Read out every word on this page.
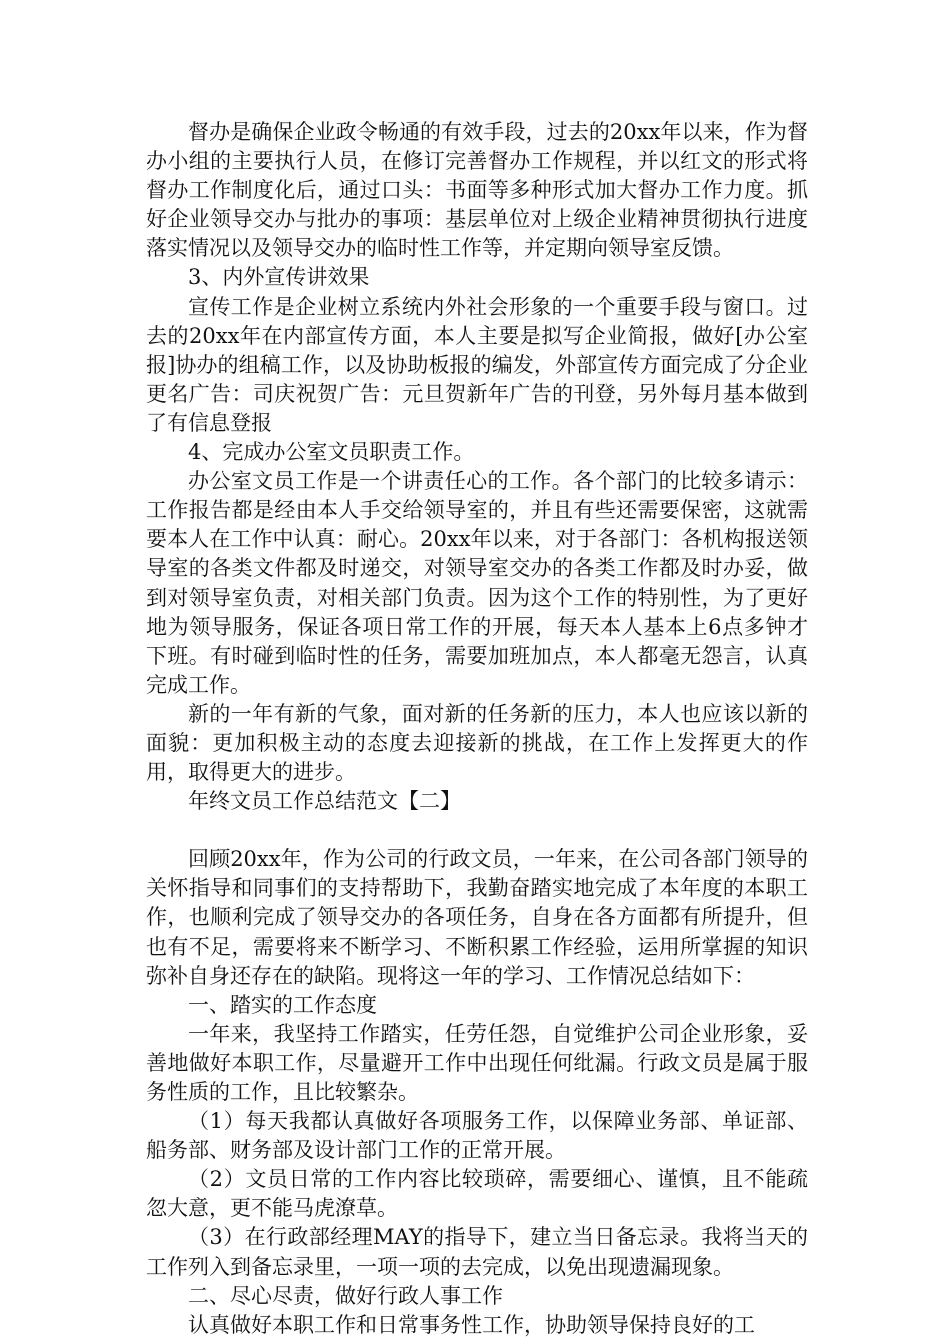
督办是确保企业政令畅通的有效手段，过去的20xx年以来，作为督办小组的主要执行人员，在修订完善督办工作规程，并以红文的形式将督办工作制度化后，通过口头：书面等多种形式加大督办工作力度。抓好企业领导交办与批办的事项：基层单位对上级企业精神贯彻执行进度落实情况以及领导交办的临时性工作等，并定期向领导室反馈。

3、内外宣传讲效果

宣传工作是企业树立系统内外社会形象的一个重要手段与窗口。过去的20xx年在内部宣传方面，本人主要是拟写企业简报，做好[办公室报]协办的组稿工作，以及协助板报的编发，外部宣传方面完成了分企业更名广告：司庆祝贺广告：元旦贺新年广告的刊登，另外每月基本做到了有信息登报

4、完成办公室文员职责工作。

办公室文员工作是一个讲责任心的工作。各个部门的比较多请示：工作报告都是经由本人手交给领导室的，并且有些还需要保密，这就需要本人在工作中认真：耐心。20xx年以来，对于各部门：各机构报送领导室的各类文件都及时递交，对领导室交办的各类工作都及时办妥，做到对领导室负责，对相关部门负责。因为这个工作的特别性，为了更好地为领导服务，保证各项日常工作的开展，每天本人基本上6点多钟才下班。有时碰到临时性的任务，需要加班加点，本人都毫无怨言，认真完成工作。

新的一年有新的气象，面对新的任务新的压力，本人也应该以新的面貌：更加积极主动的态度去迎接新的挑战，在工作上发挥更大的作用，取得更大的进步。

年终文员工作总结范文【二】

回顾20xx年，作为公司的行政文员，一年来，在公司各部门领导的关怀指导和同事们的支持帮助下，我勤奋踏实地完成了本年度的本职工作，也顺利完成了领导交办的各项任务，自身在各方面都有所提升，但也有不足，需要将来不断学习、不断积累工作经验，运用所掌握的知识弥补自身还存在的缺陷。现将这一年的学习、工作情况总结如下：

一、踏实的工作态度

一年来，我坚持工作踏实，任劳任怨，自觉维护公司企业形象，妥善地做好本职工作，尽量避开工作中出现任何纰漏。行政文员是属于服务性质的工作，且比较繁杂。

（1）每天我都认真做好各项服务工作，以保障业务部、单证部、船务部、财务部及设计部门工作的正常开展。

（2）文员日常的工作内容比较琐碎，需要细心、谨慎，且不能疏忽大意，更不能马虎潦草。

（3）在行政部经理MAY的指导下，建立当日备忘录。我将当天的工作列入到备忘录里，一项一项的去完成，以免出现遗漏现象。

二、尽心尽责，做好行政人事工作

认真做好本职工作和日常事务性工作，协助领导保持良好的工
